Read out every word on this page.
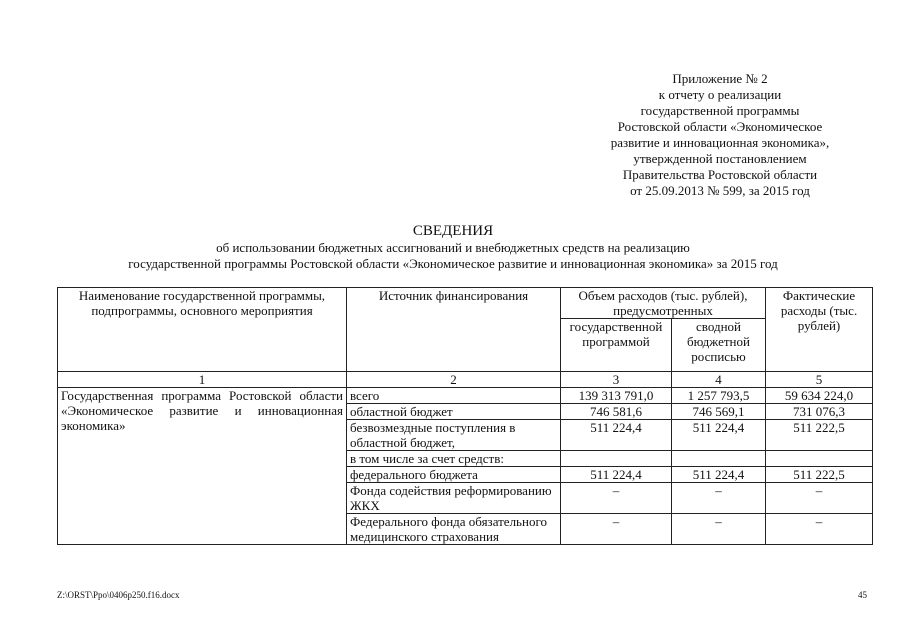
Приложение № 2
к отчету о реализации
государственной программы
Ростовской области «Экономическое
развитие и инновационная экономика»,
утвержденной постановлением
Правительства Ростовской области
от 25.09.2013 № 599, за 2015 год
СВЕДЕНИЯ
об использовании бюджетных ассигнований и внебюджетных средств на реализацию
государственной программы Ростовской области «Экономическое развитие и инновационная экономика» за 2015 год
Наименование государственной программы, подпрограммы, основного мероприятия	Источник финансирования	Объем расходов (тыс. рублей), предусмотренных		Фактические расходы (тыс. рублей)
		государственной программой	сводной бюджетной росписью	
1	2	3	4	5

Государственная программа Ростовской области «Экономическое развитие и инновационная экономика»	всего	139 313 791,0	1 257 793,5	59 634 224,0
	областной бюджет	746 581,6	746 569,1	731 076,3
	безвозмездные поступления в областной бюджет,	511 224,4	511 224,4	511 222,5
	в том числе за счет средств:			
	федерального бюджета	511 224,4	511 224,4	511 222,5
	Фонда содействия реформированию ЖКХ	–	–	–
	Федерального фонда обязательного медицинского страхования	–	–	–
Z:\ORST\Ppo\0406p250.f16.docx	45
